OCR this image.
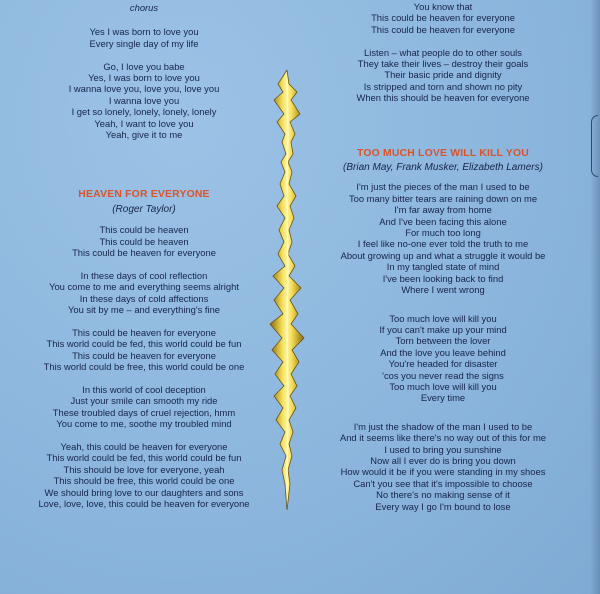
chorus
Yes I was born to love you
Every single day of my life
Go, I love you babe
Yes, I was born to love you
I wanna love you, love you, love you
I wanna love you
I get so lonely, lonely, lonely, lonely
Yeah, I want to love you
Yeah, give it to me
HEAVEN FOR EVERYONE
(Roger Taylor)
This could be heaven
This could be heaven
This could be heaven for everyone
In these days of cool reflection
You come to me and everything seems alright
In these days of cold affections
You sit by me – and everything's fine
This could be heaven for everyone
This world could be fed, this world could be fun
This could be heaven for everyone
This world could be free, this world could be one
In this world of cool deception
Just your smile can smooth my ride
These troubled days of cruel rejection, hmm
You come to me, soothe my troubled mind
Yeah, this could be heaven for everyone
This world could be fed, this world could be fun
This should be love for everyone, yeah
This should be free, this world could be one
We should bring love to our daughters and sons
Love, love, love, this could be heaven for everyone
You know that
This could be heaven for everyone
This could be heaven for everyone
Listen – what people do to other souls
They take their lives – destroy their goals
Their basic pride and dignity
Is stripped and torn and shown no pity
When this should be heaven for everyone
TOO MUCH LOVE WILL KILL YOU
(Brian May, Frank Musker, Elizabeth Lamers)
I'm just the pieces of the man I used to be
Too many bitter tears are raining down on me
I'm far away from home
And I've been facing this alone
For much too long
I feel like no-one ever told the truth to me
About growing up and what a struggle it would be
In my tangled state of mind
I've been looking back to find
Where I went wrong
Too much love will kill you
If you can't make up your mind
Torn between the lover
And the love you leave behind
You're headed for disaster
'cos you never read the signs
Too much love will kill you
Every time
I'm just the shadow of the man I used to be
And it seems like there's no way out of this for me
I used to bring you sunshine
Now all I ever do is bring you down
How would it be if you were standing in my shoes
Can't you see that it's impossible to choose
No there's no making sense of it
Every way I go I'm bound to lose
